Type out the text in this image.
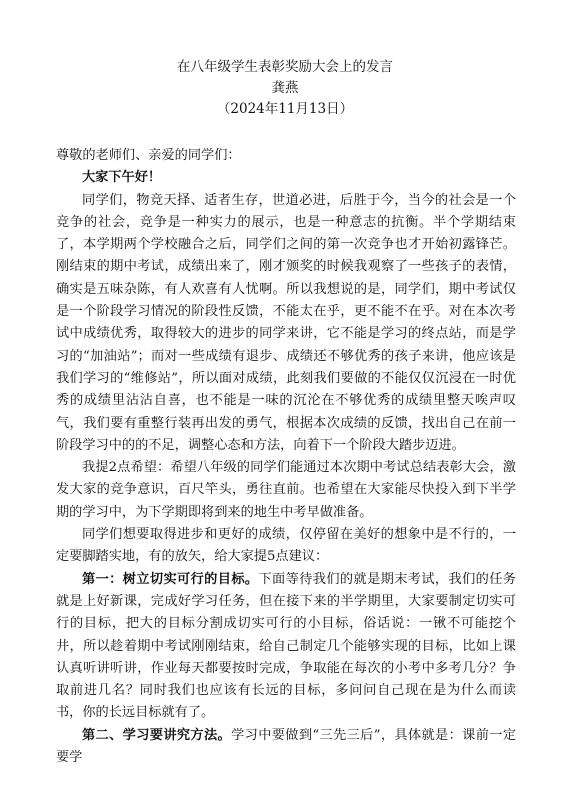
在八年级学生表彰奖励大会上的发言
龚燕
（2024年11月13日）

尊敬的老师们、亲爱的同学们：

大家下午好！

同学们，物竞天择、适者生存，世道必进，后胜于今，当今的社会是一个竞争的社会，竞争是一种实力的展示，也是一种意志的抗衡。半个学期结束了，本学期两个学校融合之后，同学们之间的第一次竞争也才开始初露锋芒。刚结束的期中考试，成绩出来了，刚才颁奖的时候我观察了一些孩子的表情，确实是五味杂陈，有人欢喜有人忧啊。所以我想说的是，同学们，期中考试仅是一个阶段学习情况的阶段性反馈，不能太在乎，更不能不在乎。对在本次考试中成绩优秀，取得较大的进步的同学来讲，它不能是学习的终点站，而是学习的“加油站”；而对一些成绩有退步、成绩还不够优秀的孩子来讲，他应该是我们学习的“维修站”，所以面对成绩，此刻我们要做的不能仅仅沉浸在一时优秀的成绩里沾沾自喜，也不能是一味的沉沦在不够优秀的成绩里整天唉声叹气，我们要有重整行装再出发的勇气，根据本次成绩的反馈，找出自己在前一阶段学习中的的不足，调整心态和方法，向着下一个阶段大踏步迈进。

我提2点希望：希望八年级的同学们能通过本次期中考试总结表彰大会，激发大家的竞争意识，百尺竿头，勇往直前。也希望在大家能尽快投入到下半学期的学习中，为下学期即将到来的地生中考早做准备。

同学们想要取得进步和更好的成绩，仅停留在美好的想象中是不行的，一定要脚踏实地，有的放矢，给大家提5点建议：

第一：树立切实可行的目标。下面等待我们的就是期末考试，我们的任务就是上好新课，完成好学习任务，但在接下来的半学期里，大家要制定切实可行的目标，把大的目标分割成切实可行的小目标，俗话说：一锹不可能挖个井，所以趁着期中考试刚刚结束，给自己制定几个能够实现的目标，比如上课认真听讲听讲，作业每天都要按时完成，争取能在每次的小考中多考几分？争取前进几名？同时我们也应该有长远的目标，多问问自己现在是为什么而读书，你的长远目标就有了。

第二、学习要讲究方法。学习中要做到“三先三后”，具体就是：课前一定要学
